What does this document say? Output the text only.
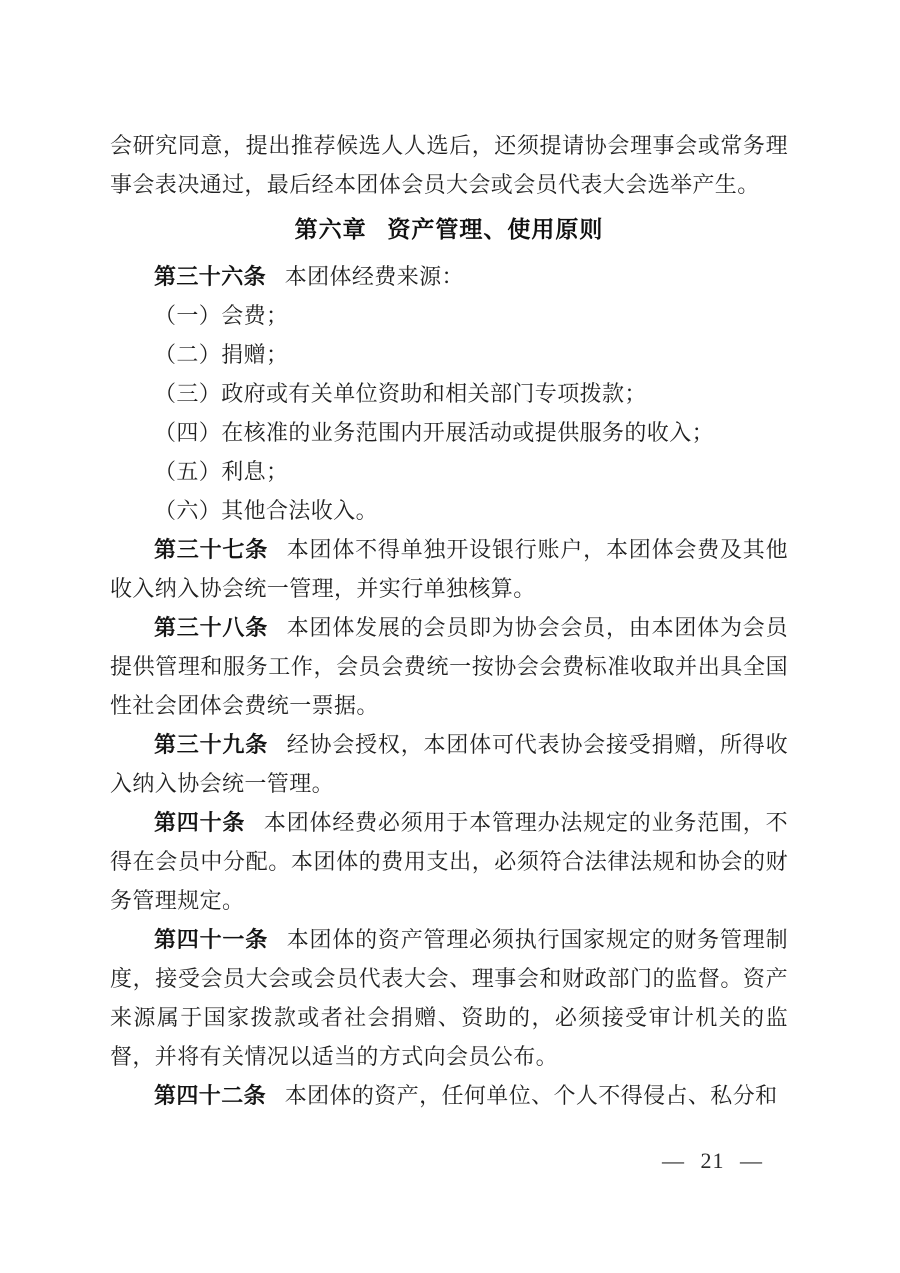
会研究同意，提出推荐候选人人选后，还须提请协会理事会或常务理事会表决通过，最后经本团体会员大会或会员代表大会选举产生。

第六章 资产管理、使用原则

第三十六条 本团体经费来源：

（一）会费；

（二）捐赠；

（三）政府或有关单位资助和相关部门专项拨款；

（四）在核准的业务范围内开展活动或提供服务的收入；

（五）利息；

（六）其他合法收入。

第三十七条 本团体不得单独开设银行账户，本团体会费及其他收入纳入协会统一管理，并实行单独核算。

第三十八条 本团体发展的会员即为协会会员，由本团体为会员提供管理和服务工作，会员会费统一按协会会费标准收取并出具全国性社会团体会费统一票据。

第三十九条 经协会授权，本团体可代表协会接受捐赠，所得收入纳入协会统一管理。

第四十条 本团体经费必须用于本管理办法规定的业务范围，不得在会员中分配。本团体的费用支出，必须符合法律法规和协会的财务管理规定。

第四十一条 本团体的资产管理必须执行国家规定的财务管理制度，接受会员大会或会员代表大会、理事会和财政部门的监督。资产来源属于国家拨款或者社会捐赠、资助的，必须接受审计机关的监督，并将有关情况以适当的方式向会员公布。

第四十二条 本团体的资产，任何单位、个人不得侵占、私分和

— 21 —
